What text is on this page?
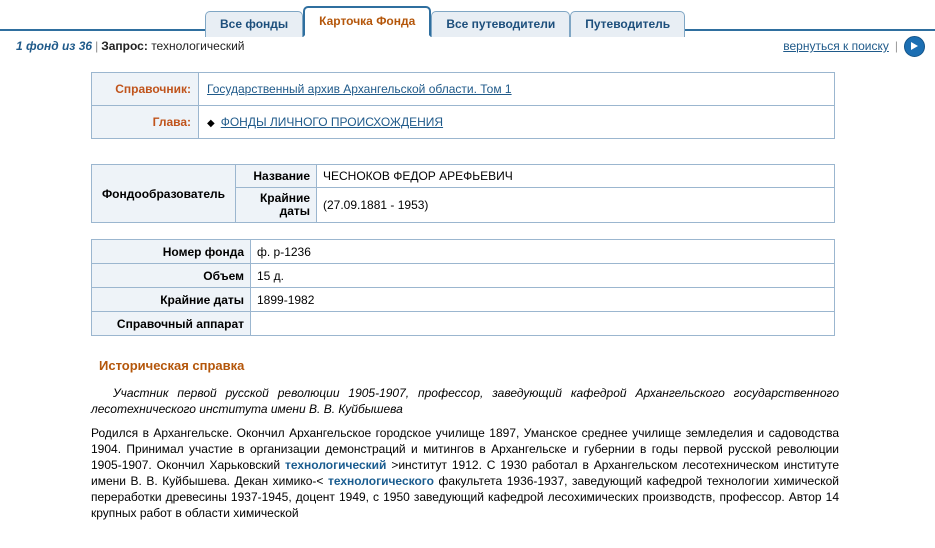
Все фонды	Карточка Фонда	Все путеводители	Путеводитель
1 фонд из 36 | Запрос: технологический	вернуться к поиску |
Справочник:	Государственный архив Архангельской области. Том 1
Глава:	◆ ФОНДЫ ЛИЧНОГО ПРОИСХОЖДЕНИЯ
Фондообразователь	Название	ЧЕСНОКОВ ФЕДОР АРЕФЬЕВИЧ
	Крайние даты	(27.09.1881 - 1953)
Номер фонда	ф. р-1236
Объем	15 д.
Крайние даты	1899-1982
Справочный аппарат	
Историческая справка

Участник первой русской революции 1905-1907, профессор, заведующий кафедрой Архангельского государственного лесотехнического института имени В. В. Куйбышева

Родился в Архангельске. Окончил Архангельское городское училище 1897, Уманское среднее училище земледелия и садоводства 1904. Принимал участие в организации демонстраций и митингов в Архангельске и губернии в годы первой русской революции 1905-1907. Окончил Харьковский технологический >институт 1912. С 1930 работал в Архангельском лесотехническом институте имени В. В. Куйбышева. Декан химико-< технологического факультета 1936-1937, заведующий кафедрой технологии химической переработки древесины 1937-1945, доцент 1949, с 1950 заведующий кафедрой лесохимических производств, профессор. Автор 14 крупных работ в области химической
